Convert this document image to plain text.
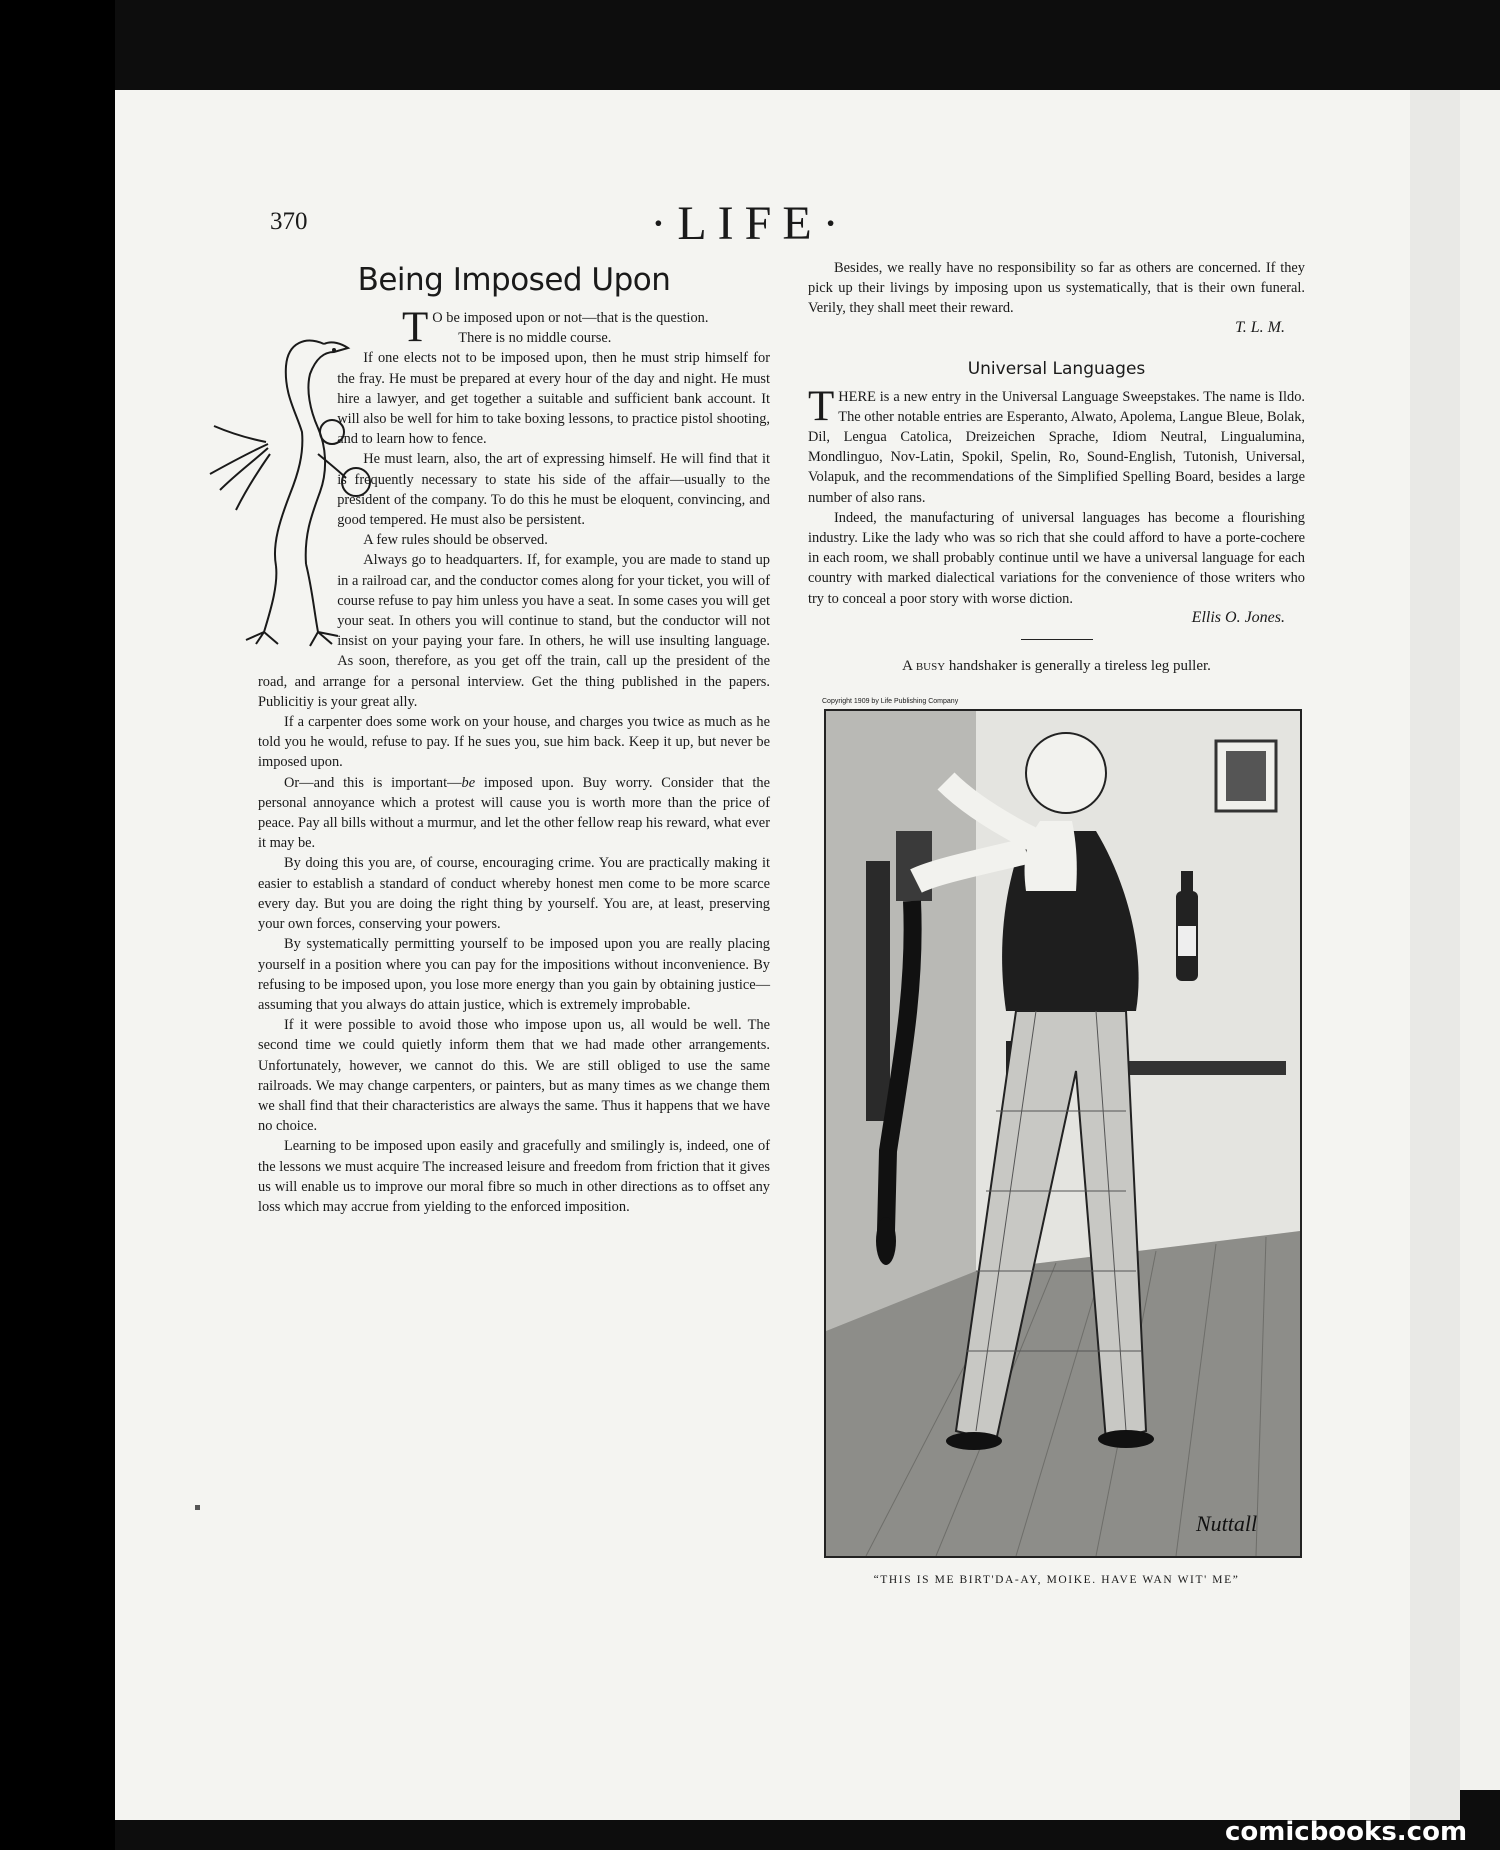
370	·LIFE·
Being Imposed Upon

T O be imposed upon or not—that is the question.

There is no middle course.

If one elects not to be imposed upon, then he must strip himself for the fray. He must be prepared at every hour of the day and night. He must hire a lawyer, and get together a suitable and sufficient bank account. It will also be well for him to take boxing lessons, to practice pistol shooting, and to learn how to fence.

He must learn, also, the art of expressing himself. He will find that it is frequently necessary to state his side of the affair—usually to the president of the company. To do this he must be eloquent, convincing, and good tempered. He must also be persistent.

A few rules should be observed.

Always go to headquarters. If, for example, you are made to stand up in a railroad car, and the conductor comes along for your ticket, you will of course refuse to pay him unless you have a seat. In some cases you will get your seat. In others you will continue to stand, but the conductor will not insist on your paying your fare. In others, he will use insulting language. As soon, therefore, as you get off the train, call up the president of the road, and arrange for a personal interview. Get the thing published in the papers. Publicitiy is your great ally.

If a carpenter does some work on your house, and charges you twice as much as he told you he would, refuse to pay. If he sues you, sue him back. Keep it up, but never be imposed upon.

Or—and this is important—be imposed upon. Buy worry. Consider that the personal annoyance which a protest will cause you is worth more than the price of peace. Pay all bills without a murmur, and let the other fellow reap his reward, what ever it may be.

By doing this you are, of course, encouraging crime. You are practically making it easier to establish a standard of conduct whereby honest men come to be more scarce every day. But you are doing the right thing by yourself. You are, at least, preserving your own forces, conserving your powers.

By systematically permitting yourself to be imposed upon you are really placing yourself in a position where you can pay for the impositions without inconvenience. By refusing to be imposed upon, you lose more energy than you gain by obtaining justice—assuming that you always do attain justice, which is extremely improbable.

If it were possible to avoid those who impose upon us, all would be well. The second time we could quietly inform them that we had made other arrangements. Unfortunately, however, we cannot do this. We are still obliged to use the same railroads. We may change carpenters, or painters, but as many times as we change them we shall find that their characteristics are always the same. Thus it happens that we have no choice.

Learning to be imposed upon easily and gracefully and smilingly is, indeed, one of the lessons we must acquire The increased leisure and freedom from friction that it gives us will enable us to improve our moral fibre so much in other directions as to offset any loss which may accrue from yielding to the enforced imposition.

Besides, we really have no responsibility so far as others are concerned. If they pick up their livings by imposing upon us systematically, that is their own funeral. Verily, they shall meet their reward.

T. L. M.
Universal Languages

THERE is a new entry in the Universal Language Sweepstakes. The name is Ildo. The other notable entries are Esperanto, Alwato, Apolema, Langue Bleue, Bolak, Dil, Lengua Catolica, Dreizeichen Sprache, Idiom Neutral, Lingualumina, Mondlinguo, Nov-Latin, Spokil, Spelin, Ro, Sound-English, Tutonish, Universal, Volapuk, and the recommendations of the Simplified Spelling Board, besides a large number of also rans.

Indeed, the manufacturing of universal languages has become a flourishing industry. Like the lady who was so rich that she could afford to have a porte-cochere in each room, we shall probably continue until we have a universal language for each country with marked dialectical variations for the convenience of those writers who try to conceal a poor story with worse diction.

Ellis O. Jones.

A busy handshaker is generally a tireless leg puller.

Copyright 1909 by Life Publishing Company
Nuttall

“THIS IS ME BIRT'DA-AY, MOIKE. HAVE WAN WIT' ME”

comicbooks.com
